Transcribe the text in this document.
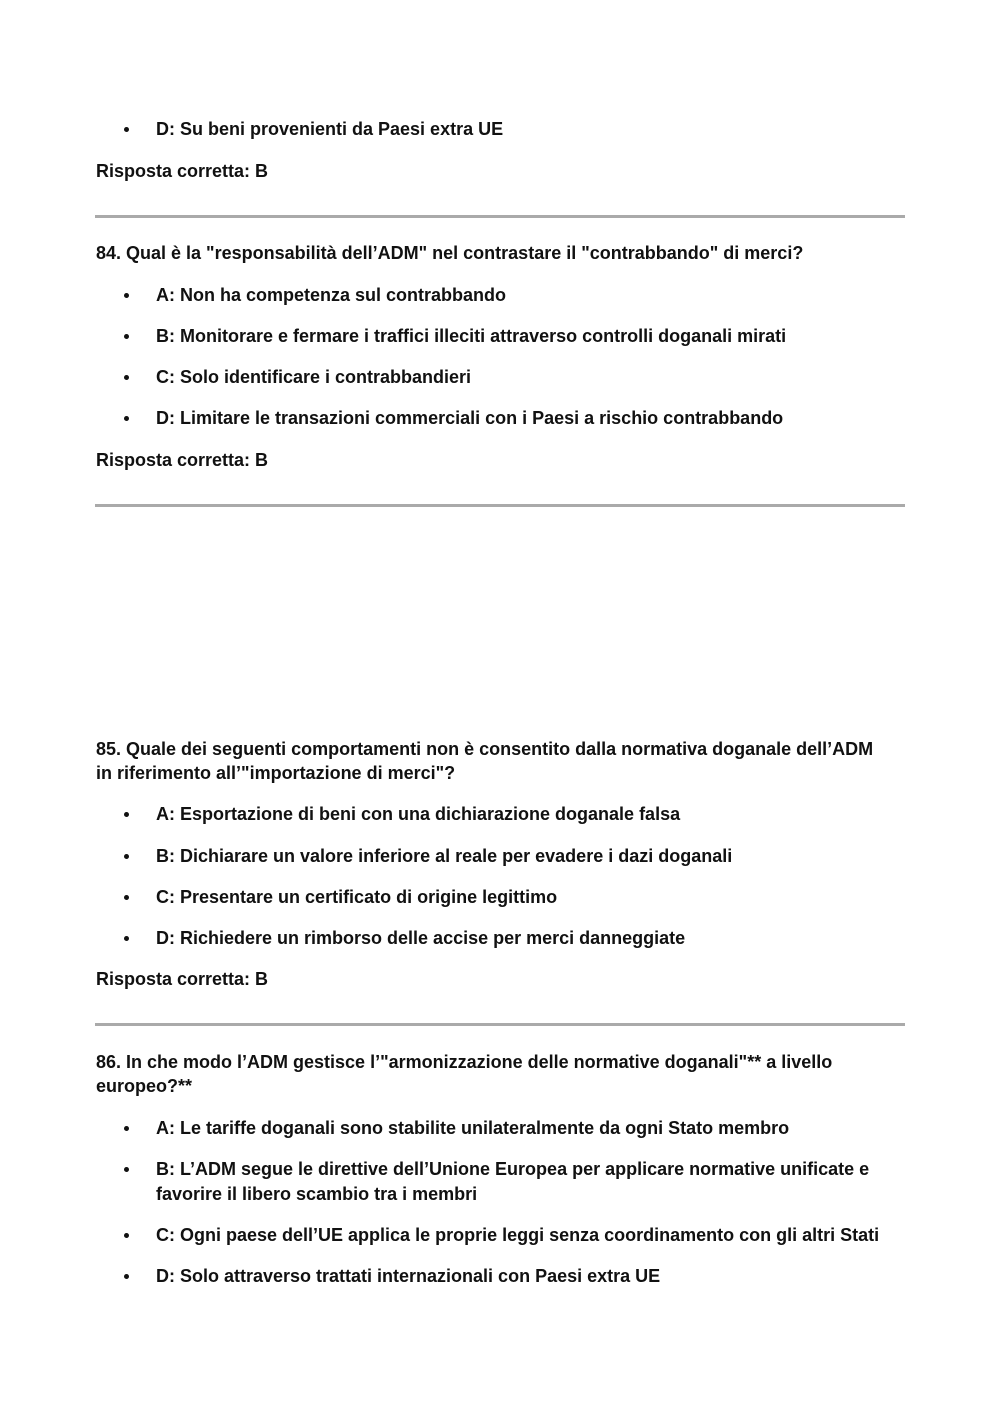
D: Su beni provenienti da Paesi extra UE
Risposta corretta: B
84. Qual è la "responsabilità dell’ADM" nel contrastare il "contrabbando" di merci?
A: Non ha competenza sul contrabbando
B: Monitorare e fermare i traffici illeciti attraverso controlli doganali mirati
C: Solo identificare i contrabbandieri
D: Limitare le transazioni commerciali con i Paesi a rischio contrabbando
Risposta corretta: B
85. Quale dei seguenti comportamenti non è consentito dalla normativa doganale dell’ADM
in riferimento all’"importazione di merci"?
A: Esportazione di beni con una dichiarazione doganale falsa
B: Dichiarare un valore inferiore al reale per evadere i dazi doganali
C: Presentare un certificato di origine legittimo
D: Richiedere un rimborso delle accise per merci danneggiate
Risposta corretta: B
86. In che modo l’ADM gestisce l’"armonizzazione delle normative doganali"** a livello
europeo?**
A: Le tariffe doganali sono stabilite unilateralmente da ogni Stato membro
B: L’ADM segue le direttive dell’Unione Europea per applicare normative unificate e
favorire il libero scambio tra i membri
C: Ogni paese dell’UE applica le proprie leggi senza coordinamento con gli altri Stati
D: Solo attraverso trattati internazionali con Paesi extra UE
